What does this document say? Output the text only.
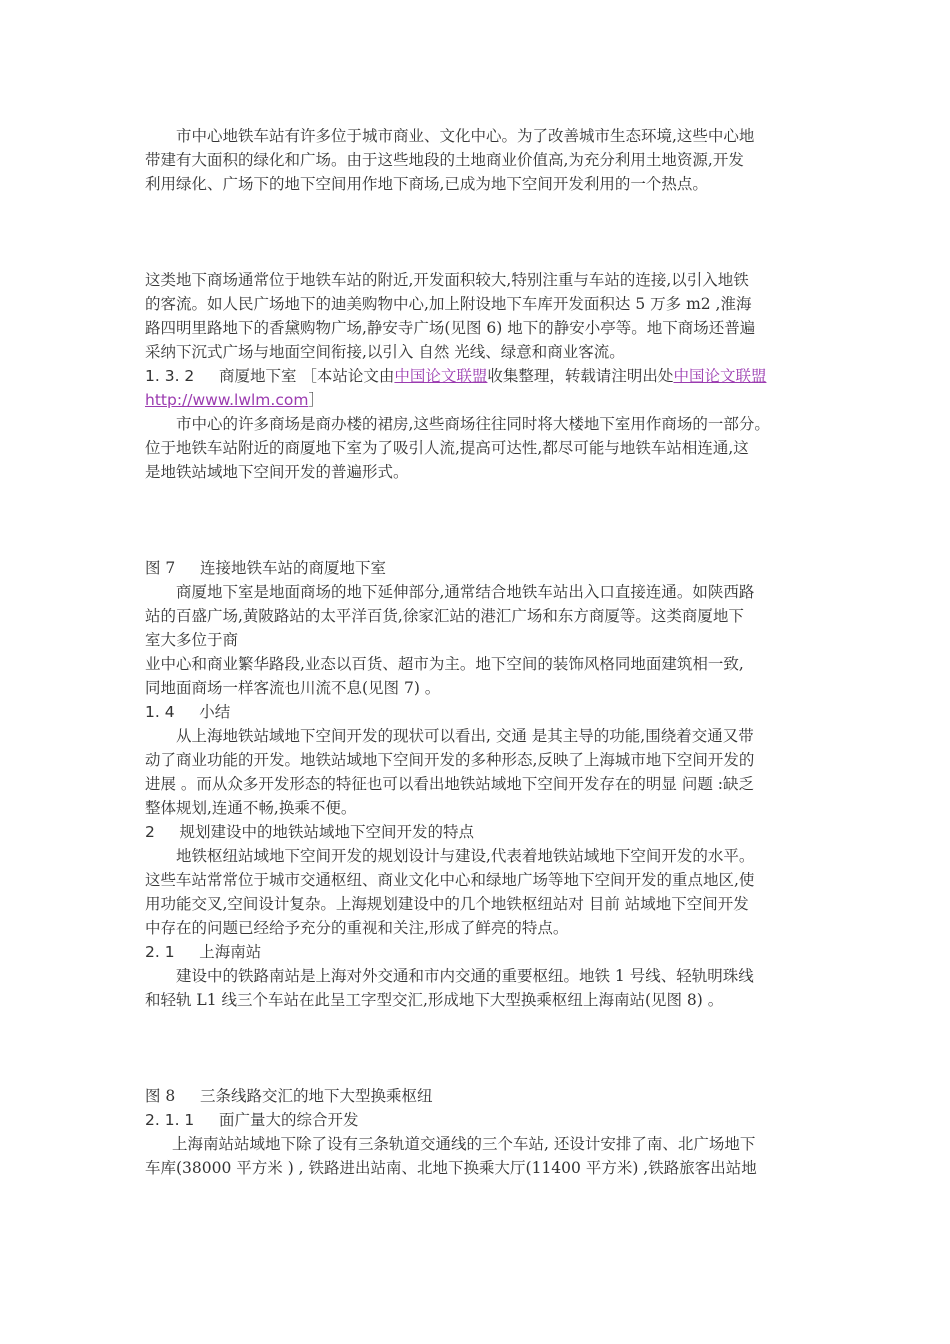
市中心地铁车站有许多位于城市商业、文化中心。为了改善城市生态环境,这些中心地

带建有大面积的绿化和广场。由于这些地段的土地商业价值高,为充分利用土地资源,开发

利用绿化、广场下的地下空间用作地下商场,已成为地下空间开发利用的一个热点。

这类地下商场通常位于地铁车站的附近,开发面积较大,特别注重与车站的连接,以引入地铁

的客流。如人民广场地下的迪美购物中心,加上附设地下车库开发面积达 5 万多 m2 ,淮海

路四明里路地下的香黛购物广场,静安寺广场(见图 6) 地下的静安小亭等。地下商场还普遍

采纳下沉式广场与地面空间衔接,以引入 自然 光线、绿意和商业客流。

1. 3. 2 商厦地下室 ［本站论文由中国论文联盟收集整理，转载请注明出处中国论文联盟

http://www.lwlm.com］

市中心的许多商场是商办楼的裙房,这些商场往往同时将大楼地下室用作商场的一部分。

位于地铁车站附近的商厦地下室为了吸引人流,提高可达性,都尽可能与地铁车站相连通,这

是地铁站域地下空间开发的普遍形式。

图 7 连接地铁车站的商厦地下室

商厦地下室是地面商场的地下延伸部分,通常结合地铁车站出入口直接连通。如陕西路

站的百盛广场,黄陂路站的太平洋百货,徐家汇站的港汇广场和东方商厦等。这类商厦地下

室大多位于商

业中心和商业繁华路段,业态以百货、超市为主。地下空间的装饰风格同地面建筑相一致,

同地面商场一样客流也川流不息(见图 7) 。

1. 4 小结

从上海地铁站域地下空间开发的现状可以看出, 交通 是其主导的功能,围绕着交通又带

动了商业功能的开发。地铁站域地下空间开发的多种形态,反映了上海城市地下空间开发的

进展 。而从众多开发形态的特征也可以看出地铁站域地下空间开发存在的明显 问题 :缺乏

整体规划,连通不畅,换乘不便。

2 规划建设中的地铁站域地下空间开发的特点

地铁枢纽站域地下空间开发的规划设计与建设,代表着地铁站域地下空间开发的水平。

这些车站常常位于城市交通枢纽、商业文化中心和绿地广场等地下空间开发的重点地区,使

用功能交叉,空间设计复杂。上海规划建设中的几个地铁枢纽站对 目前 站域地下空间开发

中存在的问题已经给予充分的重视和关注,形成了鲜亮的特点。

2. 1 上海南站

建设中的铁路南站是上海对外交通和市内交通的重要枢纽。地铁 1 号线、轻轨明珠线

和轻轨 L1 线三个车站在此呈工字型交汇,形成地下大型换乘枢纽上海南站(见图 8) 。

图 8 三条线路交汇的地下大型换乘枢纽

2. 1. 1 面广量大的综合开发

上海南站站域地下除了设有三条轨道交通线的三个车站, 还设计安排了南、北广场地下

车库(38000 平方米 ) , 铁路进出站南、北地下换乘大厅(11400 平方米) ,铁路旅客出站地
